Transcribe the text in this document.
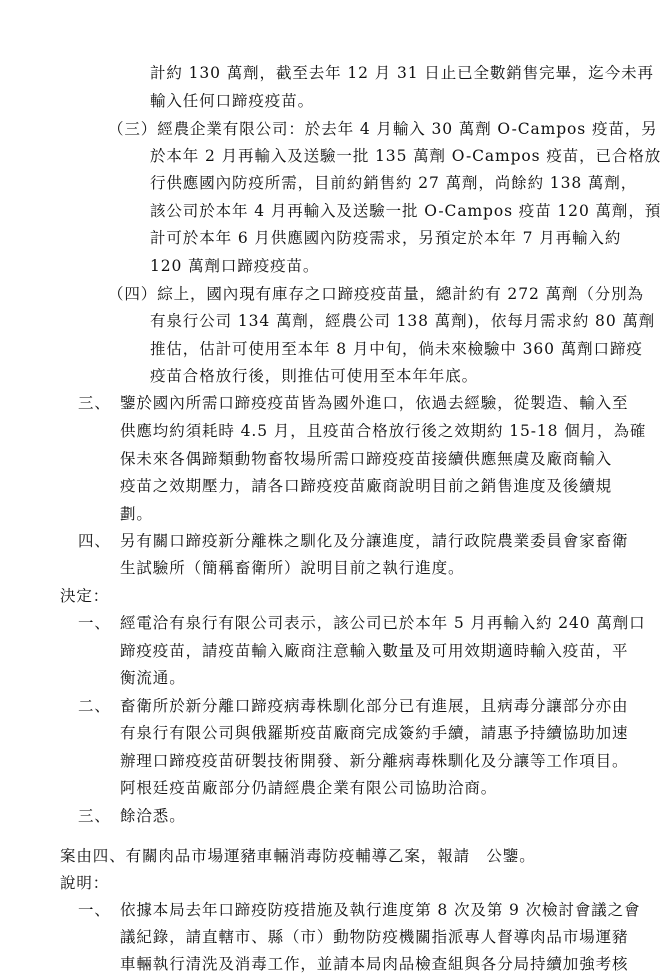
計約 130 萬劑，截至去年 12 月 31 日止已全數銷售完畢，迄今未再
輸入任何口蹄疫疫苗。
（三）經農企業有限公司：於去年 4 月輸入 30 萬劑 O-Campos 疫苗，另
於本年 2 月再輸入及送驗一批 135 萬劑 O-Campos 疫苗，已合格放
行供應國內防疫所需，目前約銷售約 27 萬劑，尚餘約 138 萬劑，
該公司於本年 4 月再輸入及送驗一批 O-Campos 疫苗 120 萬劑，預
計可於本年 6 月供應國內防疫需求，另預定於本年 7 月再輸入約
120 萬劑口蹄疫疫苗。
（四）綜上，國內現有庫存之口蹄疫疫苗量，總計約有 272 萬劑（分別為
有泉行公司 134 萬劑，經農公司 138 萬劑)，依每月需求約 80 萬劑
推估，估計可使用至本年 8 月中旬，倘未來檢驗中 360 萬劑口蹄疫
疫苗合格放行後，則推估可使用至本年年底。
三、 鑒於國內所需口蹄疫疫苗皆為國外進口，依過去經驗，從製造、輸入至
供應均約須耗時 4.5 月，且疫苗合格放行後之效期約 15-18 個月，為確
保未來各偶蹄類動物畜牧場所需口蹄疫疫苗接續供應無虞及廠商輸入
疫苗之效期壓力，請各口蹄疫疫苗廠商說明目前之銷售進度及後續規
劃。
四、 另有關口蹄疫新分離株之馴化及分讓進度，請行政院農業委員會家畜衛
生試驗所（簡稱畜衛所）說明目前之執行進度。
決定：
一、 經電洽有泉行有限公司表示，該公司已於本年 5 月再輸入約 240 萬劑口
蹄疫疫苗，請疫苗輸入廠商注意輸入數量及可用效期適時輸入疫苗，平
衡流通。
二、 畜衛所於新分離口蹄疫病毒株馴化部分已有進展，且病毒分讓部分亦由
有泉行有限公司與俄羅斯疫苗廠商完成簽約手續，請惠予持續協助加速
辦理口蹄疫疫苗研製技術開發、新分離病毒株馴化及分讓等工作項目。
阿根廷疫苗廠部分仍請經農企業有限公司協助洽商。
三、 餘洽悉。
案由四、有關肉品市場運豬車輛消毒防疫輔導乙案，報請　公鑒。
說明：
一、 依據本局去年口蹄疫防疫措施及執行進度第 8 次及第 9 次檢討會議之會
議紀錄，請直轄市、縣（市）動物防疫機關指派專人督導肉品市場運豬
車輛執行清洗及消毒工作，並請本局肉品檢查組與各分局持續加強考核
